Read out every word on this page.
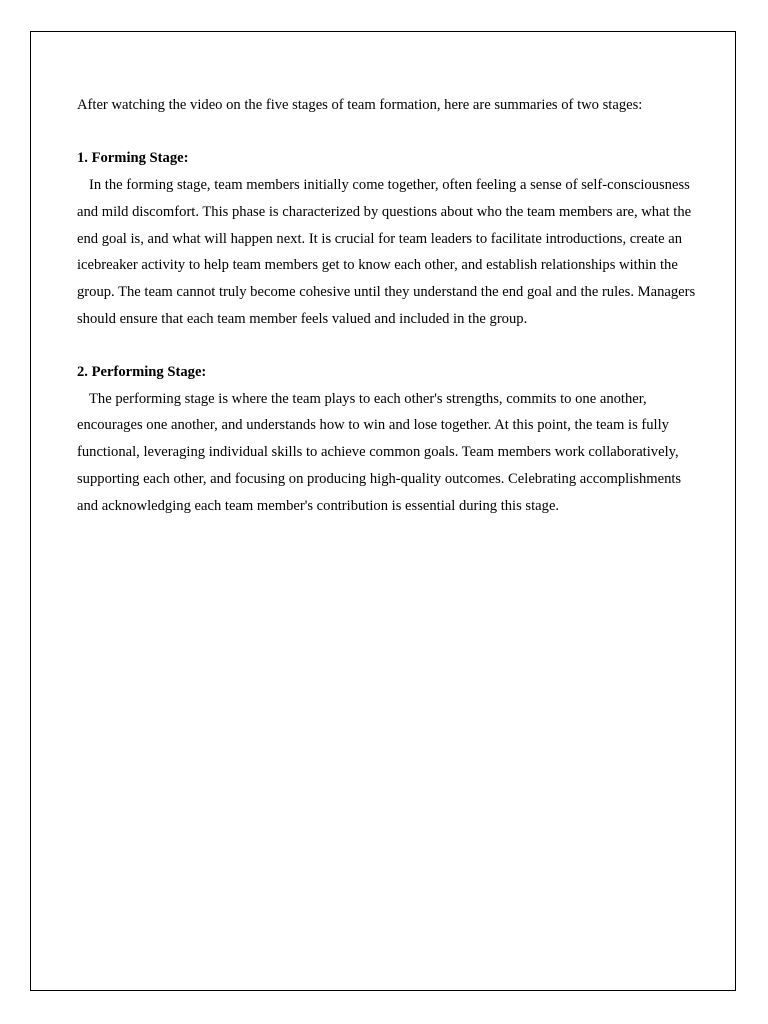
After watching the video on the five stages of team formation, here are summaries of two stages:

1. Forming Stage:

In the forming stage, team members initially come together, often feeling a sense of self-consciousness and mild discomfort. This phase is characterized by questions about who the team members are, what the end goal is, and what will happen next. It is crucial for team leaders to facilitate introductions, create an icebreaker activity to help team members get to know each other, and establish relationships within the group. The team cannot truly become cohesive until they understand the end goal and the rules. Managers should ensure that each team member feels valued and included in the group.

2. Performing Stage:

The performing stage is where the team plays to each other's strengths, commits to one another, encourages one another, and understands how to win and lose together. At this point, the team is fully functional, leveraging individual skills to achieve common goals. Team members work collaboratively, supporting each other, and focusing on producing high-quality outcomes. Celebrating accomplishments and acknowledging each team member's contribution is essential during this stage.
